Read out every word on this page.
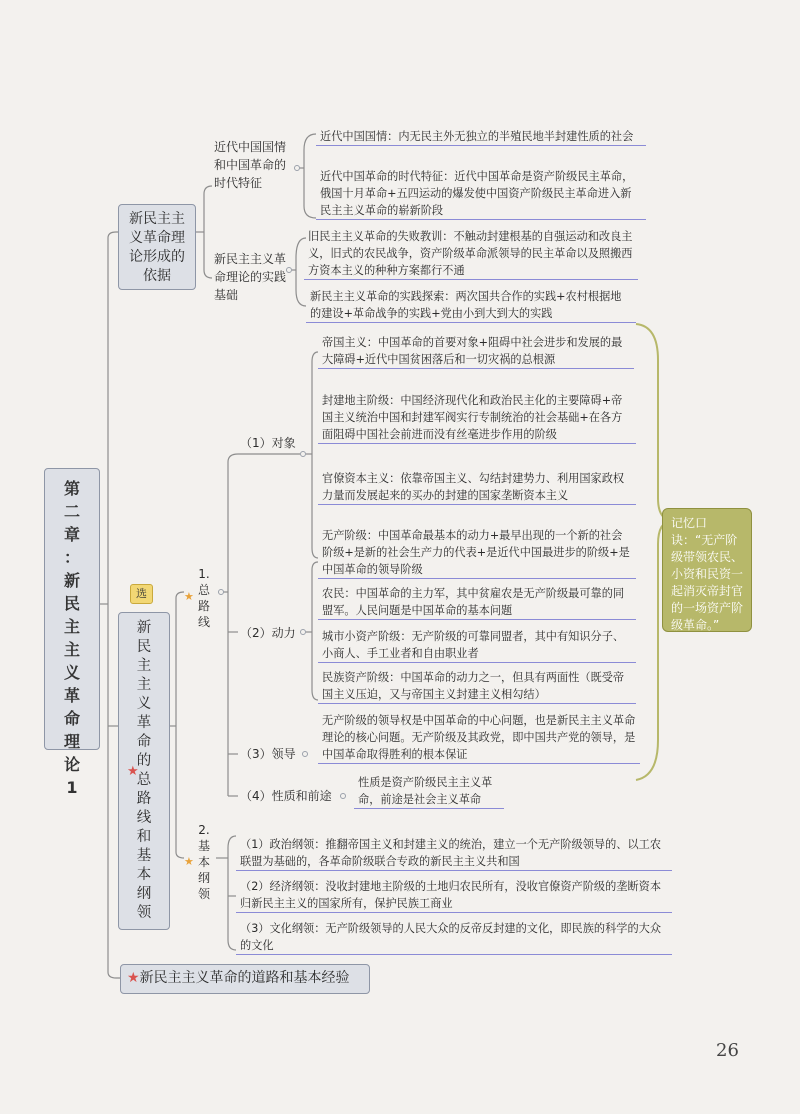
第
二
章
：
新
民
主
主
义
革
命
理
论
1
新民主主义革命理论形成的依据
近代中国国情和中国革命的时代特征
近代中国国情：内无民主外无独立的半殖民地半封建性质的社会
近代中国革命的时代特征：近代中国革命是资产阶级民主革命，俄国十月革命+五四运动的爆发使中国资产阶级民主革命进入新民主主义革命的崭新阶段
新民主主义革命理论的实践基础
旧民主主义革命的失败教训：不触动封建根基的自强运动和改良主义，旧式的农民战争，资产阶级革命派领导的民主革命以及照搬西方资本主义的种种方案都行不通
新民主主义革命的实践探索：两次国共合作的实践+农村根据地的建设+革命战争的实践+党由小到大到大的实践
选
新
民
主
主
义
革
命
的
总
路
线
和
基
本
纲
领
1.
总
路
线
★
（1）对象
帝国主义：中国革命的首要对象+阻碍中社会进步和发展的最大障碍+近代中国贫困落后和一切灾祸的总根源
封建地主阶级：中国经济现代化和政治民主化的主要障碍+帝国主义统治中国和封建军阀实行专制统治的社会基础+在各方面阻碍中国社会前进而没有丝毫进步作用的阶级
官僚资本主义：依靠帝国主义、勾结封建势力、利用国家政权力量而发展起来的买办的封建的国家垄断资本主义
（2）动力
无产阶级：中国革命最基本的动力+最早出现的一个新的社会阶级+是新的社会生产力的代表+是近代中国最进步的阶级+是中国革命的领导阶级
农民：中国革命的主力军，其中贫雇农是无产阶级最可靠的同盟军。人民问题是中国革命的基本问题
城市小资产阶级：无产阶级的可靠同盟者，其中有知识分子、小商人、手工业者和自由职业者
民族资产阶级：中国革命的动力之一，但具有两面性（既受帝国主义压迫，又与帝国主义封建主义相勾结）
（3）领导
无产阶级的领导权是中国革命的中心问题，也是新民主主义革命理论的核心问题。无产阶级及其政党，即中国共产党的领导，是中国革命取得胜利的根本保证
（4）性质和前途
性质是资产阶级民主主义革命，前途是社会主义革命
★
2.
基
本
纲
领
（1）政治纲领：推翻帝国主义和封建主义的统治，建立一个无产阶级领导的、以工农联盟为基础的，各革命阶级联合专政的新民主主义共和国
（2）经济纲领：没收封建地主阶级的土地归农民所有，没收官僚资产阶级的垄断资本归新民主主义的国家所有，保护民族工商业
（3）文化纲领：无产阶级领导的人民大众的反帝反封建的文化，即民族的科学的大众的文化
★
记忆口诀：“无产阶级带领农民、小资和民资一起消灭帝封官的一场资产阶级革命。”
★新民主主义革命的道路和基本经验
26
